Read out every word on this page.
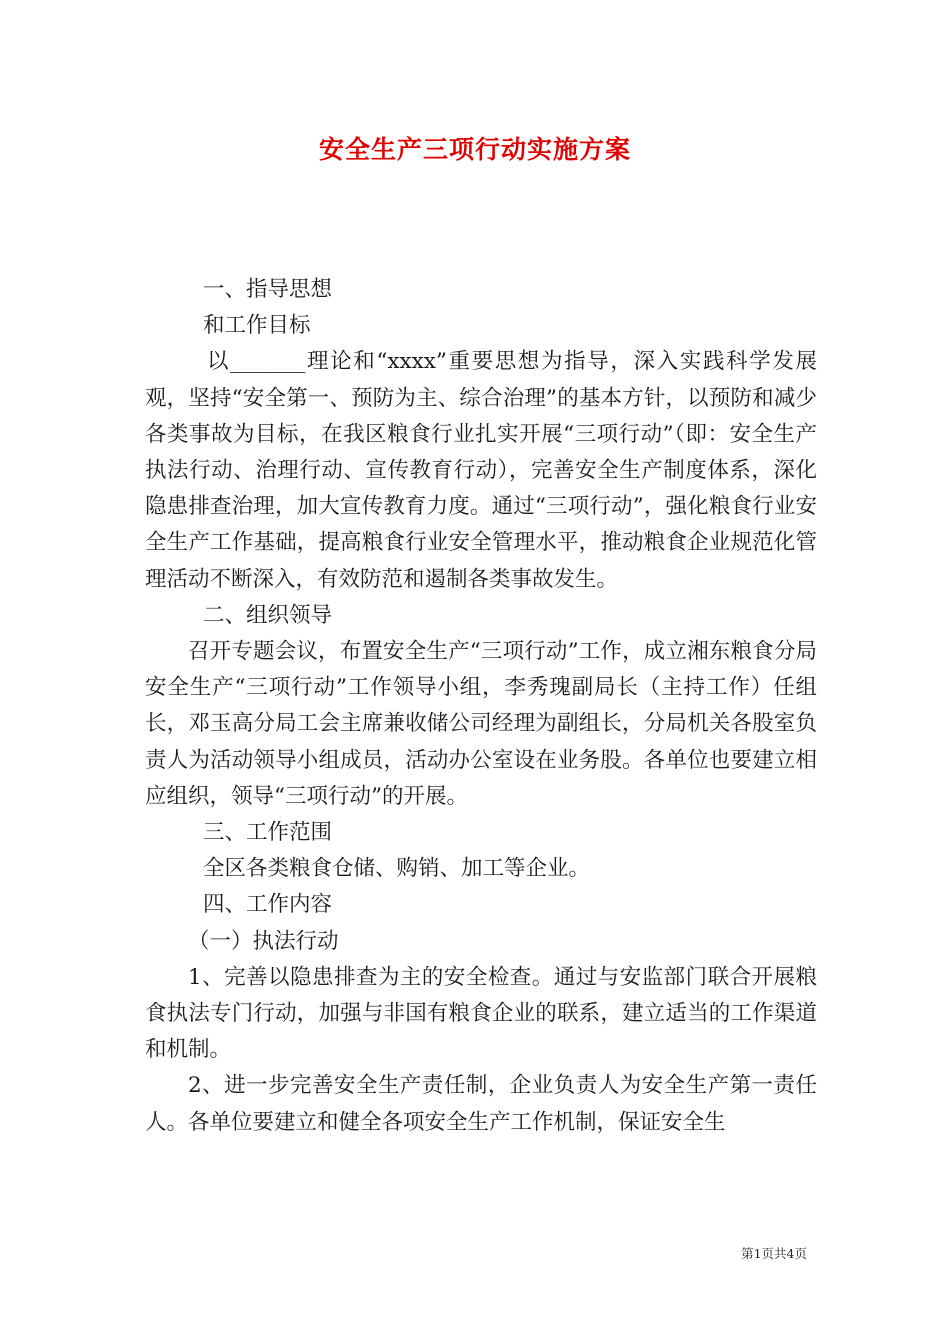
安全生产三项行动实施方案

一、指导思想

和工作目标

以_______理论和“xxxx”重要思想为指导，深入实践科学发展观，坚持“安全第一、预防为主、综合治理”的基本方针，以预防和减少各类事故为目标，在我区粮食行业扎实开展“三项行动”（即：安全生产执法行动、治理行动、宣传教育行动），完善安全生产制度体系，深化隐患排查治理，加大宣传教育力度。通过“三项行动”，强化粮食行业安全生产工作基础，提高粮食行业安全管理水平，推动粮食企业规范化管理活动不断深入，有效防范和遏制各类事故发生。

二、组织领导

召开专题会议，布置安全生产“三项行动”工作，成立湘东粮食分局安全生产“三项行动”工作领导小组，李秀瑰副局长（主持工作）任组长，邓玉高分局工会主席兼收储公司经理为副组长，分局机关各股室负责人为活动领导小组成员，活动办公室设在业务股。各单位也要建立相应组织，领导“三项行动”的开展。

三、工作范围

全区各类粮食仓储、购销、加工等企业。

四、工作内容

（一）执法行动

1、完善以隐患排查为主的安全检查。通过与安监部门联合开展粮食执法专门行动，加强与非国有粮食企业的联系，建立适当的工作渠道和机制。

2、进一步完善安全生产责任制，企业负责人为安全生产第一责任人。各单位要建立和健全各项安全生产工作机制，保证安全生

第1页共4页
